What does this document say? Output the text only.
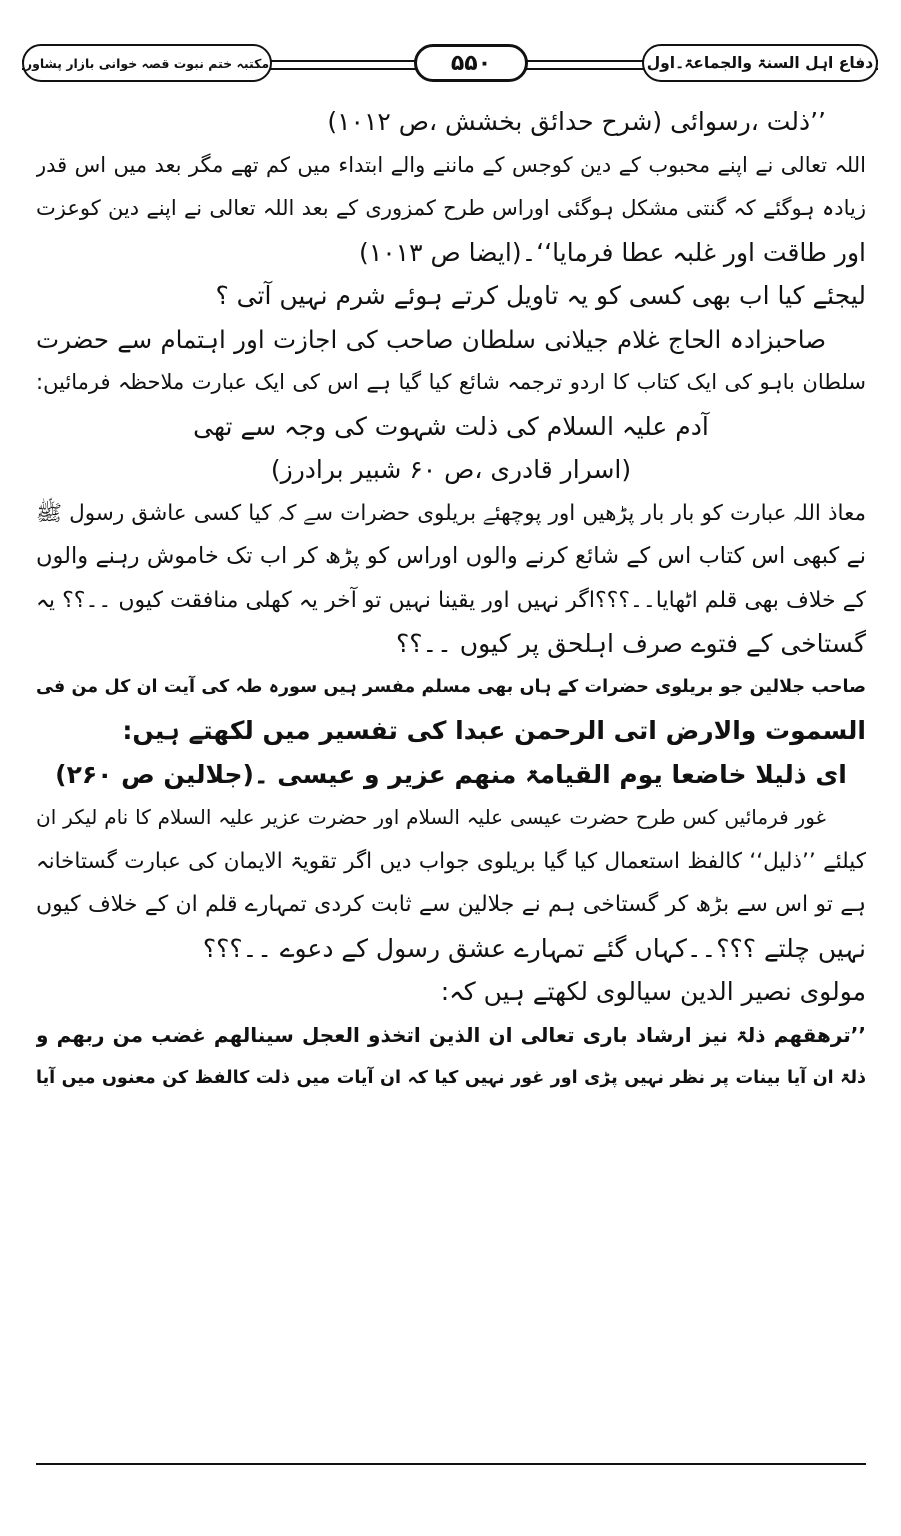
دفاع اہل السنۃ والجماعۃ۔اول
۵۵۰
مکتبہ ختم نبوت قصہ خوانی بازار پشاور
’’ذلت ،رسوائی (شرح حدائق بخشش ،ص ۱۰۱۲)
اللہ تعالی نے اپنے محبوب کے دین کوجس کے ماننے والے ابتداء میں کم تھے مگر بعد میں اس قدر
زیادہ ہوگئے کہ گنتی مشکل ہوگئی اوراس طرح کمزوری کے بعد اللہ تعالی نے اپنے دین کوعزت
اور طاقت اور غلبہ عطا فرمایا‘‘۔(ایضا ص ۱۰۱۳)
لیجئے کیا اب بھی کسی کو یہ تاویل کرتے ہوئے شرم نہیں آتی ؟
صاحبزادہ الحاج غلام جیلانی سلطان صاحب کی اجازت اور اہتمام سے حضرت
سلطان باہو کی ایک کتاب کا اردو ترجمہ شائع کیا گیا ہے اس کی ایک عبارت ملاحظہ فرمائیں:
آدم علیہ السلام کی ذلت شہوت کی وجہ سے تھی
(اسرار قادری ،ص ۶۰ شبیر برادرز)
معاذ اللہ عبارت کو بار بار پڑھیں اور پوچھئے بریلوی حضرات سے کہ کیا کسی عاشق رسول ﷺ
نے کبھی اس کتاب اس کے شائع کرنے والوں اوراس کو پڑھ کر اب تک خاموش رہنے والوں
کے خلاف بھی قلم اٹھایا۔۔؟؟؟اگر نہیں اور یقینا نہیں تو آخر یہ کھلی منافقت کیوں ۔۔؟؟ یہ
گستاخی کے فتوے صرف اہلحق پر کیوں ۔۔؟؟
صاحب جلالین جو بریلوی حضرات کے ہاں بھی مسلم مفسر ہیں سورہ طہ کی آیت ان کل من فی
السموت والارض اتی الرحمن عبدا کی تفسیر میں لکھتے ہیں:
ای ذلیلا خاضعا یوم القیامۃ منھم عزیر و عیسی ۔(جلالین ص ۲۶۰)
غور فرمائیں کس طرح حضرت عیسی علیہ السلام اور حضرت عزیر علیہ السلام کا نام لیکر ان
کیلئے ’’ذلیل‘‘ کالفظ استعمال کیا گیا بریلوی جواب دیں اگر تقویۃ الایمان کی عبارت گستاخانہ
ہے تو اس سے بڑھ کر گستاخی ہم نے جلالین سے ثابت کردی تمہارے قلم ان کے خلاف کیوں
نہیں چلتے ؟؟؟۔۔کہاں گئے تمہارے عشق رسول کے دعوے ۔۔؟؟؟
مولوی نصیر الدین سیالوی لکھتے ہیں کہ:
’’ترھقھم ذلۃ نیز ارشاد باری تعالی ان الذین اتخذو العجل سینالھم غضب من ربھم و
ذلۃ ان آیا بینات پر نظر نہیں پڑی اور غور نہیں کیا کہ ان آیات میں ذلت کالفظ کن معنوں میں آیا
